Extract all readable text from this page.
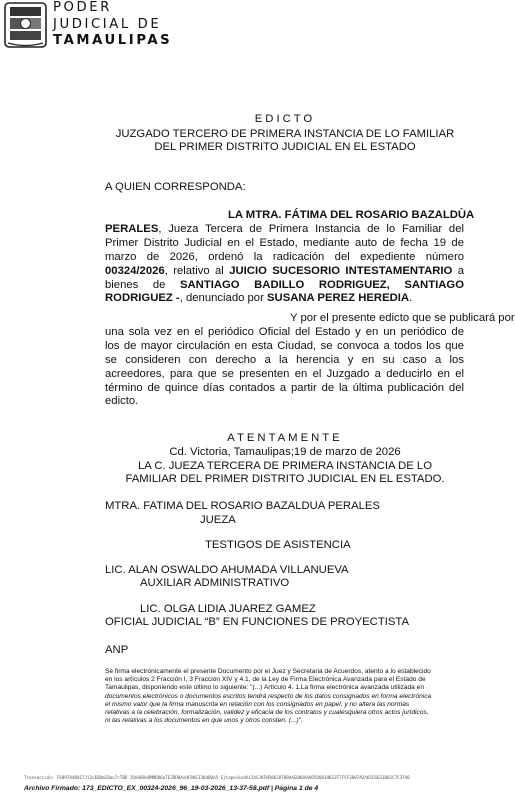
PODER
JUDICIAL DE
TAMAULIPAS
EDICTO
JUZGADO TERCERO DE PRIMERA INSTANCIA DE LO FAMILIAR
DEL PRIMER DISTRITO JUDICIAL EN EL ESTADO
A QUIEN CORRESPONDA:
LA MTRA. FÁTIMA DEL ROSARIO BAZALDÙA
PERALES, Jueza Tercera de Primera Instancia de lo Familiar del
Primer Distrito Judicial en el Estado, mediante auto de fecha 19 de
marzo de 2026, ordenó la radicación del expediente número
00324/2026, relativo al JUICIO SUCESORIO INTESTAMENTARIO a
bienes de SANTIAGO BADILLO RODRIGUEZ, SANTIAGO
RODRIGUEZ -, denunciado por SUSANA PEREZ HEREDIA.
Y por el presente edicto que se publicará por
una sola vez en el periódico Oficial del Estado y en un periódico de
los de mayor circulación en esta Ciudad, se convoca a todos los que
se consideren con derecho a la herencia y en su caso a los
acreedores, para que se presenten en el Juzgado a deducirlo en el
término de quince días contados a partir de la última publicación del
edicto.
ATENTAMENTE
Cd. Victoria, Tamaulipas;19 de marzo de 2026
LA C. JUEZA TERCERA DE PRIMERA INSTANCIA DE LO
FAMILIAR DEL PRIMER DISTRITO JUDICIAL EN EL ESTADO.
MTRA. FATIMA DEL ROSARIO BAZALDUA PERALES
JUEZA
TESTIGOS DE ASISTENCIA
LIC. ALAN OSWALDO AHUMADA VILLANUEVA
AUXILIAR ADMINISTRATIVO
LIC. OLGA LIDIA JUAREZ GAMEZ
OFICIAL JUDICIAL “B” EN FUNCIONES DE PROYECTISTA
ANP
Se firma electrónicamente el presente Documento por el Juez y Secretaria de Acuerdos, atento a lo establecido
en los artículos 2 Fracción I, 3 Fracción XIV y 4.1, de la Ley de Firma Electrónica Avanzada para el Estado de
Tamaulipas, disponiendo este último lo siguiente: "(...) Artículo 4. 1.La firma electrónica avanzada utilizada en
documentos electrónicos o documentos escritos tendrá respecto de los datos consignados en forma electrónica
el mismo valor que la firma manuscrita en relación con los consignados en papel, y no altera las normas
relativas a la celebración, formalización, validez y eficacia de los contratos y cualesquiera otros actos jurídicos,
ni las relativas a los documentos en que unos y otros consten. (...)".
Transacción: F6097840817Ji3cE8DmI8ao7cTBD JUAAD8eBMMD06aTEJRD0AcHF8AE13KdD0A5 Ejtapeiko4AiJASJ8FHD8KJ8T8BAAE08DAAAD5D081HB13T7F5F3887A2A65C6D31B6SC7C37AB
Archivo Firmado: 173_EDICTO_EX_00324-2026_96_19-03-2026_13-37-58.pdf | Página 1 de 4
